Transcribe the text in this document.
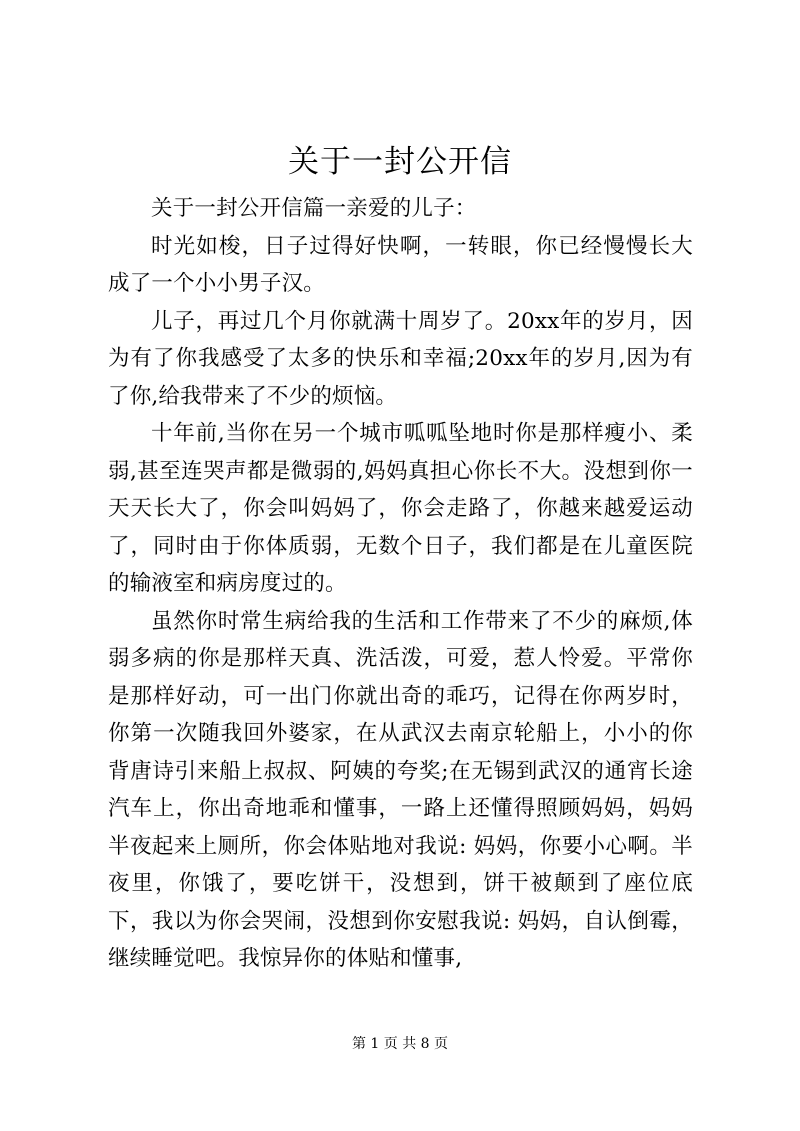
关于一封公开信

关于一封公开信篇一亲爱的儿子：

时光如梭，日子过得好快啊，一转眼，你已经慢慢长大成了一个小小男子汉。

儿子，再过几个月你就满十周岁了。20xx年的岁月，因为有了你我感受了太多的快乐和幸福;20xx年的岁月,因为有了你,给我带来了不少的烦恼。

十年前,当你在另一个城市呱呱坠地时你是那样瘦小、柔弱,甚至连哭声都是微弱的,妈妈真担心你长不大。没想到你一天天长大了，你会叫妈妈了，你会走路了，你越来越爱运动了，同时由于你体质弱，无数个日子，我们都是在儿童医院的输液室和病房度过的。

虽然你时常生病给我的生活和工作带来了不少的麻烦,体弱多病的你是那样天真、洗活泼，可爱，惹人怜爱。平常你是那样好动，可一出门你就出奇的乖巧，记得在你两岁时，你第一次随我回外婆家，在从武汉去南京轮船上，小小的你背唐诗引来船上叔叔、阿姨的夸奖;在无锡到武汉的通宵长途汽车上，你出奇地乖和懂事，一路上还懂得照顾妈妈，妈妈半夜起来上厕所，你会体贴地对我说: 妈妈，你要小心啊。半夜里，你饿了，要吃饼干，没想到，饼干被颠到了座位底下，我以为你会哭闹，没想到你安慰我说: 妈妈，自认倒霉，继续睡觉吧。我惊异你的体贴和懂事,

第 1 页 共 8 页
